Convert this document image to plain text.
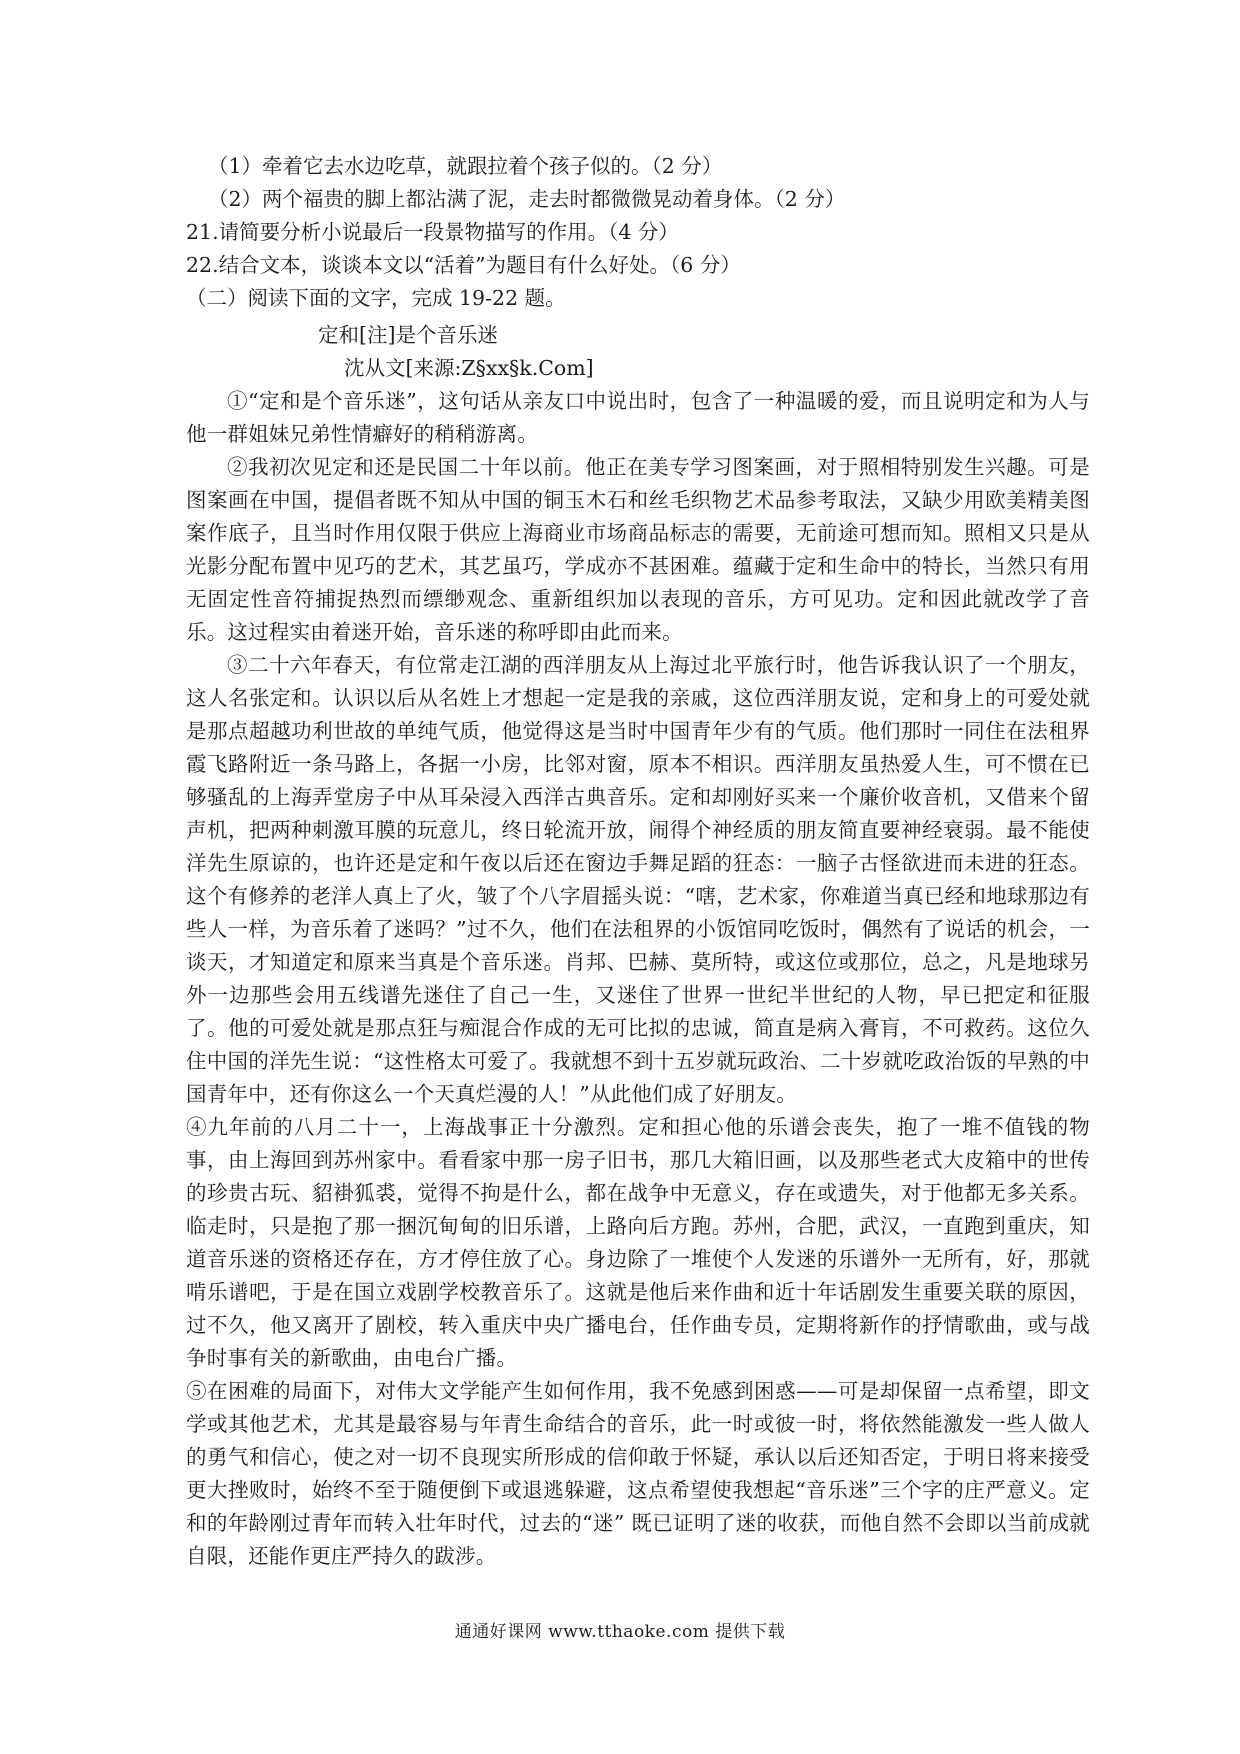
（1）牵着它去水边吃草，就跟拉着个孩子似的。（2 分）

（2）两个福贵的脚上都沾满了泥，走去时都微微晃动着身体。（2 分）

21.请简要分析小说最后一段景物描写的作用。（4 分）

22.结合文本，谈谈本文以“活着”为题目有什么好处。（6 分）

（二）阅读下面的文字，完成 19-22 题。

定和[注]是个音乐迷

沈从文[来源:Z§xx§k.Com]

①“定和是个音乐迷”，这句话从亲友口中说出时，包含了一种温暖的爱，而且说明定和为人与他一群姐妹兄弟性情癖好的稍稍游离。

②我初次见定和还是民国二十年以前。他正在美专学习图案画，对于照相特别发生兴趣。可是图案画在中国，提倡者既不知从中国的铜玉木石和丝毛织物艺术品参考取法，又缺少用欧美精美图案作底子，且当时作用仅限于供应上海商业市场商品标志的需要，无前途可想而知。照相又只是从光影分配布置中见巧的艺术，其艺虽巧，学成亦不甚困难。蕴藏于定和生命中的特长，当然只有用无固定性音符捕捉热烈而缥缈观念、重新组织加以表现的音乐，方可见功。定和因此就改学了音乐。这过程实由着迷开始，音乐迷的称呼即由此而来。

③二十六年春天，有位常走江湖的西洋朋友从上海过北平旅行时，他告诉我认识了一个朋友，这人名张定和。认识以后从名姓上才想起一定是我的亲戚，这位西洋朋友说，定和身上的可爱处就是那点超越功利世故的单纯气质，他觉得这是当时中国青年少有的气质。他们那时一同住在法租界霞飞路附近一条马路上，各据一小房，比邻对窗，原本不相识。西洋朋友虽热爱人生，可不惯在已够骚乱的上海弄堂房子中从耳朵浸入西洋古典音乐。定和却刚好买来一个廉价收音机，又借来个留声机，把两种刺激耳膜的玩意儿，终日轮流开放，闹得个神经质的朋友简直要神经衰弱。最不能使洋先生原谅的，也许还是定和午夜以后还在窗边手舞足蹈的狂态：一脑子古怪欲进而未进的狂态。这个有修养的老洋人真上了火，皱了个八字眉摇头说：“嗐，艺术家，你难道当真已经和地球那边有些人一样，为音乐着了迷吗？”过不久，他们在法租界的小饭馆同吃饭时，偶然有了说话的机会，一谈天，才知道定和原来当真是个音乐迷。肖邦、巴赫、莫所特，或这位或那位，总之，凡是地球另外一边那些会用五线谱先迷住了自己一生，又迷住了世界一世纪半世纪的人物，早已把定和征服了。他的可爱处就是那点狂与痴混合作成的无可比拟的忠诚，简直是病入膏肓，不可救药。这位久住中国的洋先生说：“这性格太可爱了。我就想不到十五岁就玩政治、二十岁就吃政治饭的早熟的中国青年中，还有你这么一个天真烂漫的人！”从此他们成了好朋友。

④九年前的八月二十一，上海战事正十分激烈。定和担心他的乐谱会丧失，抱了一堆不值钱的物事，由上海回到苏州家中。看看家中那一房子旧书，那几大箱旧画，以及那些老式大皮箱中的世传的珍贵古玩、貂褂狐裘，觉得不拘是什么，都在战争中无意义，存在或遗失，对于他都无多关系。临走时，只是抱了那一捆沉甸甸的旧乐谱，上路向后方跑。苏州，合肥，武汉，一直跑到重庆，知道音乐迷的资格还存在，方才停住放了心。身边除了一堆使个人发迷的乐谱外一无所有，好，那就啃乐谱吧，于是在国立戏剧学校教音乐了。这就是他后来作曲和近十年话剧发生重要关联的原因，过不久，他又离开了剧校，转入重庆中央广播电台，任作曲专员，定期将新作的抒情歌曲，或与战争时事有关的新歌曲，由电台广播。

⑤在困难的局面下，对伟大文学能产生如何作用，我不免感到困惑——可是却保留一点希望，即文学或其他艺术，尤其是最容易与年青生命结合的音乐，此一时或彼一时，将依然能激发一些人做人的勇气和信心，使之对一切不良现实所形成的信仰敢于怀疑，承认以后还知否定，于明日将来接受更大挫败时，始终不至于随便倒下或退逃躲避，这点希望使我想起“音乐迷”三个字的庄严意义。定和的年龄刚过青年而转入壮年时代，过去的“迷” 既已证明了迷的收获，而他自然不会即以当前成就自限，还能作更庄严持久的跋涉。

通通好课网 www.tthaoke.com 提供下载
